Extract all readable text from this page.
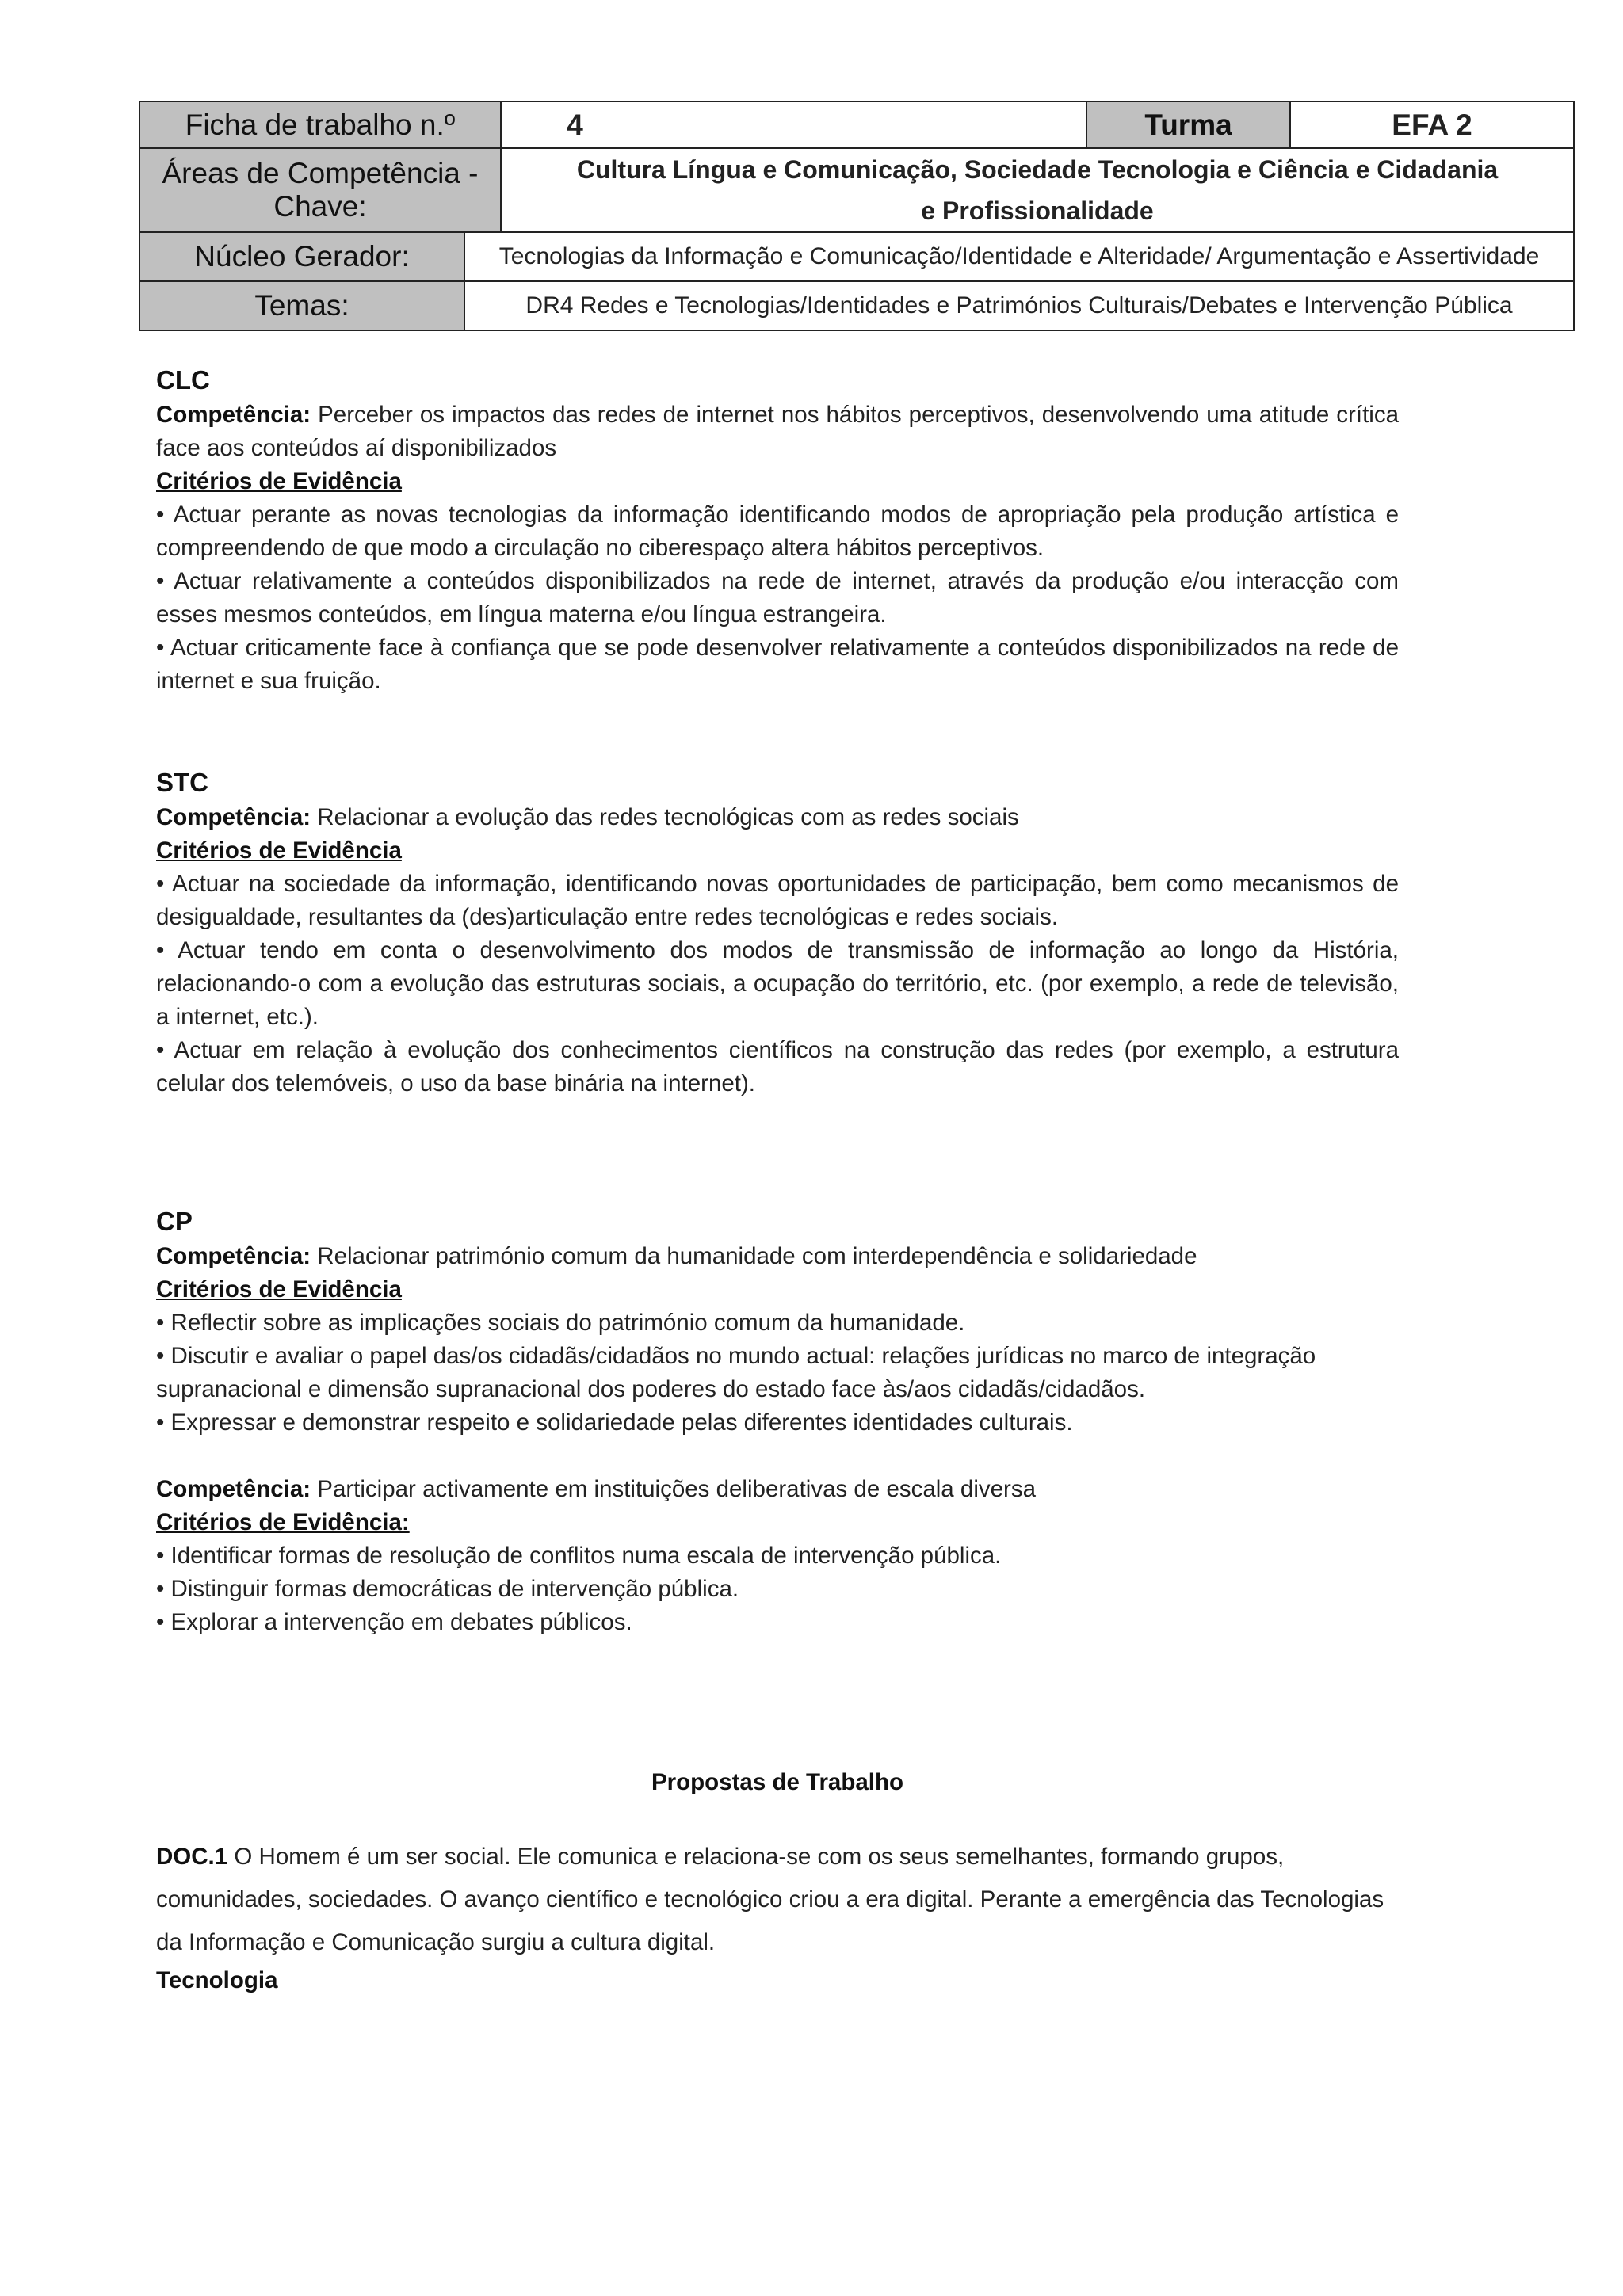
Ficha de trabalho n.º		4	Turma	EFA 2
Áreas de Competência - Chave:		Cultura Língua e Comunicação, Sociedade Tecnologia e Ciência e Cidadania
e Profissionalidade		

Núcleo Gerador:	Tecnologias da Informação e Comunicação/Identidade e Alteridade/ Argumentação e Assertividade			
Temas:	DR4 Redes e Tecnologias/Identidades e Patrimónios Culturais/Debates e Intervenção Pública			

CLC

Competência: Perceber os impactos das redes de internet nos hábitos perceptivos, desenvolvendo uma atitude crítica face aos conteúdos aí disponibilizados

Critérios de Evidência

• Actuar perante as novas tecnologias da informação identificando modos de apropriação pela produção artística e compreendendo de que modo a circulação no ciberespaço altera hábitos perceptivos.

• Actuar relativamente a conteúdos disponibilizados na rede de internet, através da produção e/ou interacção com esses mesmos conteúdos, em língua materna e/ou língua estrangeira.

• Actuar criticamente face à confiança que se pode desenvolver relativamente a conteúdos disponibilizados na rede de internet e sua fruição.

STC

Competência: Relacionar a evolução das redes tecnológicas com as redes sociais

Critérios de Evidência

• Actuar na sociedade da informação, identificando novas oportunidades de participação, bem como mecanismos de desigualdade, resultantes da (des)articulação entre redes tecnológicas e redes sociais.

• Actuar tendo em conta o desenvolvimento dos modos de transmissão de informação ao longo da História, relacionando-o com a evolução das estruturas sociais, a ocupação do território, etc. (por exemplo, a rede de televisão, a internet, etc.).

• Actuar em relação à evolução dos conhecimentos científicos na construção das redes (por exemplo, a estrutura celular dos telemóveis, o uso da base binária na internet).

CP

Competência: Relacionar património comum da humanidade com interdependência e solidariedade

Critérios de Evidência

• Reflectir sobre as implicações sociais do património comum da humanidade.

• Discutir e avaliar o papel das/os cidadãs/cidadãos no mundo actual: relações jurídicas no marco de integração supranacional e dimensão supranacional dos poderes do estado face às/aos cidadãs/cidadãos.

• Expressar e demonstrar respeito e solidariedade pelas diferentes identidades culturais.

Competência: Participar activamente em instituições deliberativas de escala diversa

Critérios de Evidência:

• Identificar formas de resolução de conflitos numa escala de intervenção pública.

• Distinguir formas democráticas de intervenção pública.

• Explorar a intervenção em debates públicos.

Propostas de Trabalho

DOC.1 O Homem é um ser social. Ele comunica e relaciona-se com os seus semelhantes, formando grupos, comunidades, sociedades. O avanço científico e tecnológico criou a era digital. Perante a emergência das Tecnologias da Informação e Comunicação surgiu a cultura digital.

Tecnologia
